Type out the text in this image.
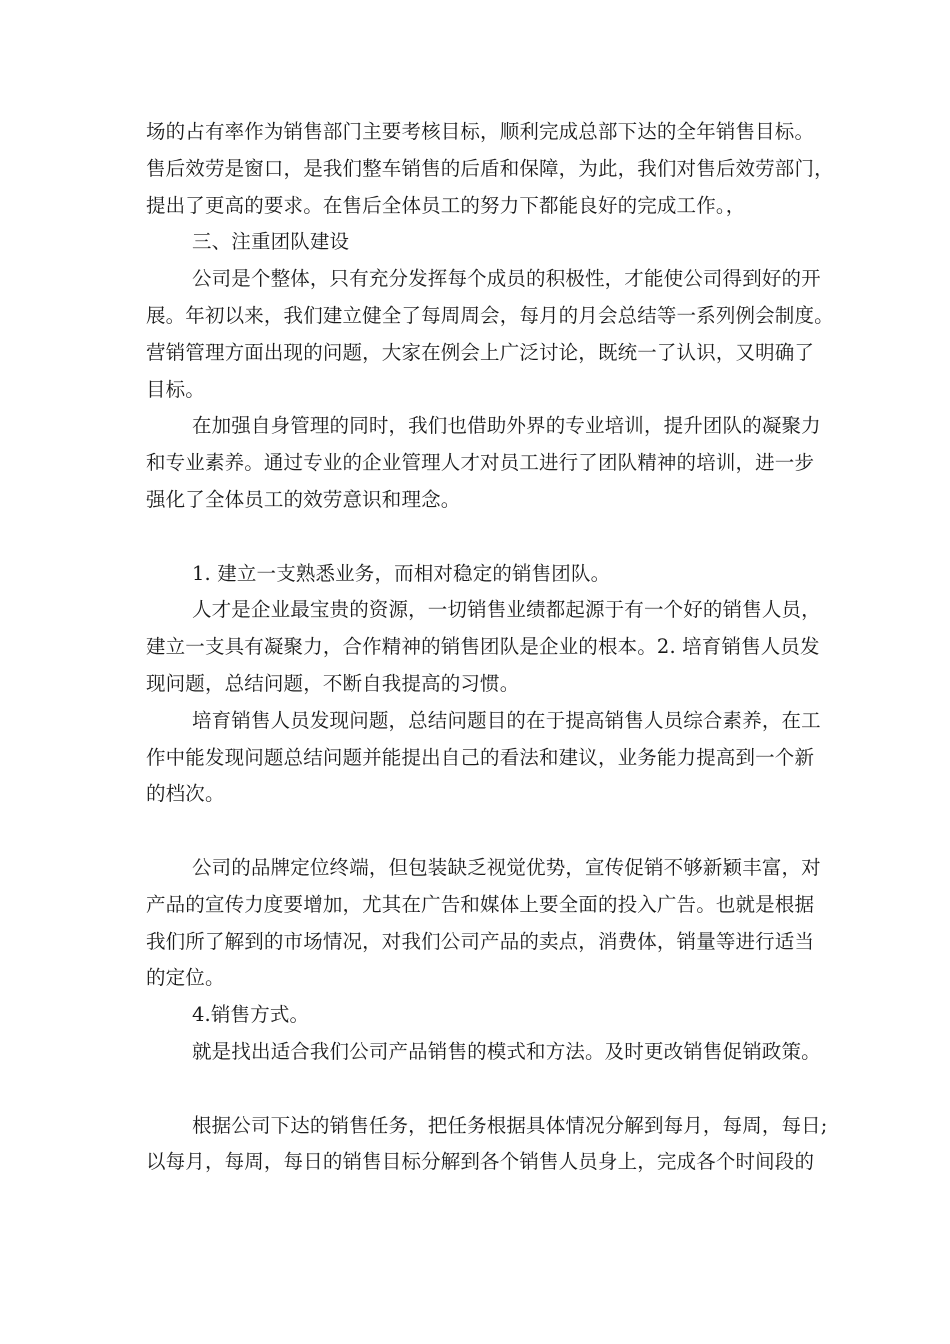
场的占有率作为销售部门主要考核目标，顺利完成总部下达的全年销售目标。
售后效劳是窗口，是我们整车销售的后盾和保障，为此，我们对售后效劳部门，
提出了更高的要求。在售后全体员工的努力下都能良好的完成工作。，
三、注重团队建设
公司是个整体，只有充分发挥每个成员的积极性，才能使公司得到好的开
展。年初以来，我们建立健全了每周周会，每月的月会总结等一系列例会制度。
营销管理方面出现的问题，大家在例会上广泛讨论，既统一了认识，又明确了
目标。
在加强自身管理的同时，我们也借助外界的专业培训，提升团队的凝聚力
和专业素养。通过专业的企业管理人才对员工进行了团队精神的培训，进一步
强化了全体员工的效劳意识和理念。
1. 建立一支熟悉业务，而相对稳定的销售团队。
人才是企业最宝贵的资源，一切销售业绩都起源于有一个好的销售人员，
建立一支具有凝聚力，合作精神的销售团队是企业的根本。2. 培育销售人员发
现问题，总结问题，不断自我提高的习惯。
培育销售人员发现问题，总结问题目的在于提高销售人员综合素养，在工
作中能发现问题总结问题并能提出自己的看法和建议，业务能力提高到一个新
的档次。
公司的品牌定位终端，但包装缺乏视觉优势，宣传促销不够新颖丰富，对
产品的宣传力度要增加，尤其在广告和媒体上要全面的投入广告。也就是根据
我们所了解到的市场情况，对我们公司产品的卖点，消费体，销量等进行适当
的定位。
4.销售方式。
就是找出适合我们公司产品销售的模式和方法。及时更改销售促销政策。
根据公司下达的销售任务，把任务根据具体情况分解到每月，每周，每日;
以每月，每周，每日的销售目标分解到各个销售人员身上，完成各个时间段的
